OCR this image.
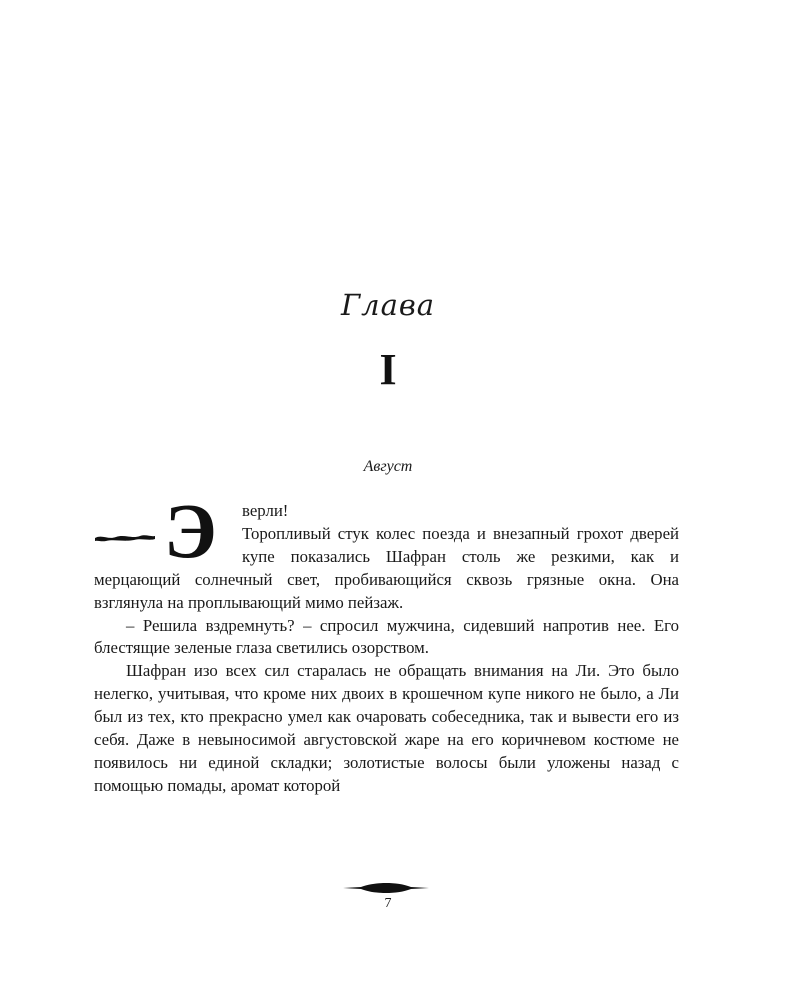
Глава
I
Август
Э	верли!

Торопливый стук колес поезда и внезапный грохот дверей купе показались Шафран столь же резкими, как и мерцающий солнечный свет, пробивающийся сквозь грязные окна. Она взглянула на проплывающий мимо пейзаж.

– Решила вздремнуть? – спросил мужчина, сидевший напротив нее. Его блестящие зеленые глаза светились озорством.

Шафран изо всех сил старалась не обращать внимания на Ли. Это было нелегко, учитывая, что кроме них двоих в крошечном купе никого не было, а Ли был из тех, кто прекрасно умел как очаровать собеседника, так и вывести его из себя. Даже в невыносимой августовской жаре на его коричневом костюме не появилось ни единой складки; золотистые волосы были уложены назад с помощью помады, аромат которой

7
